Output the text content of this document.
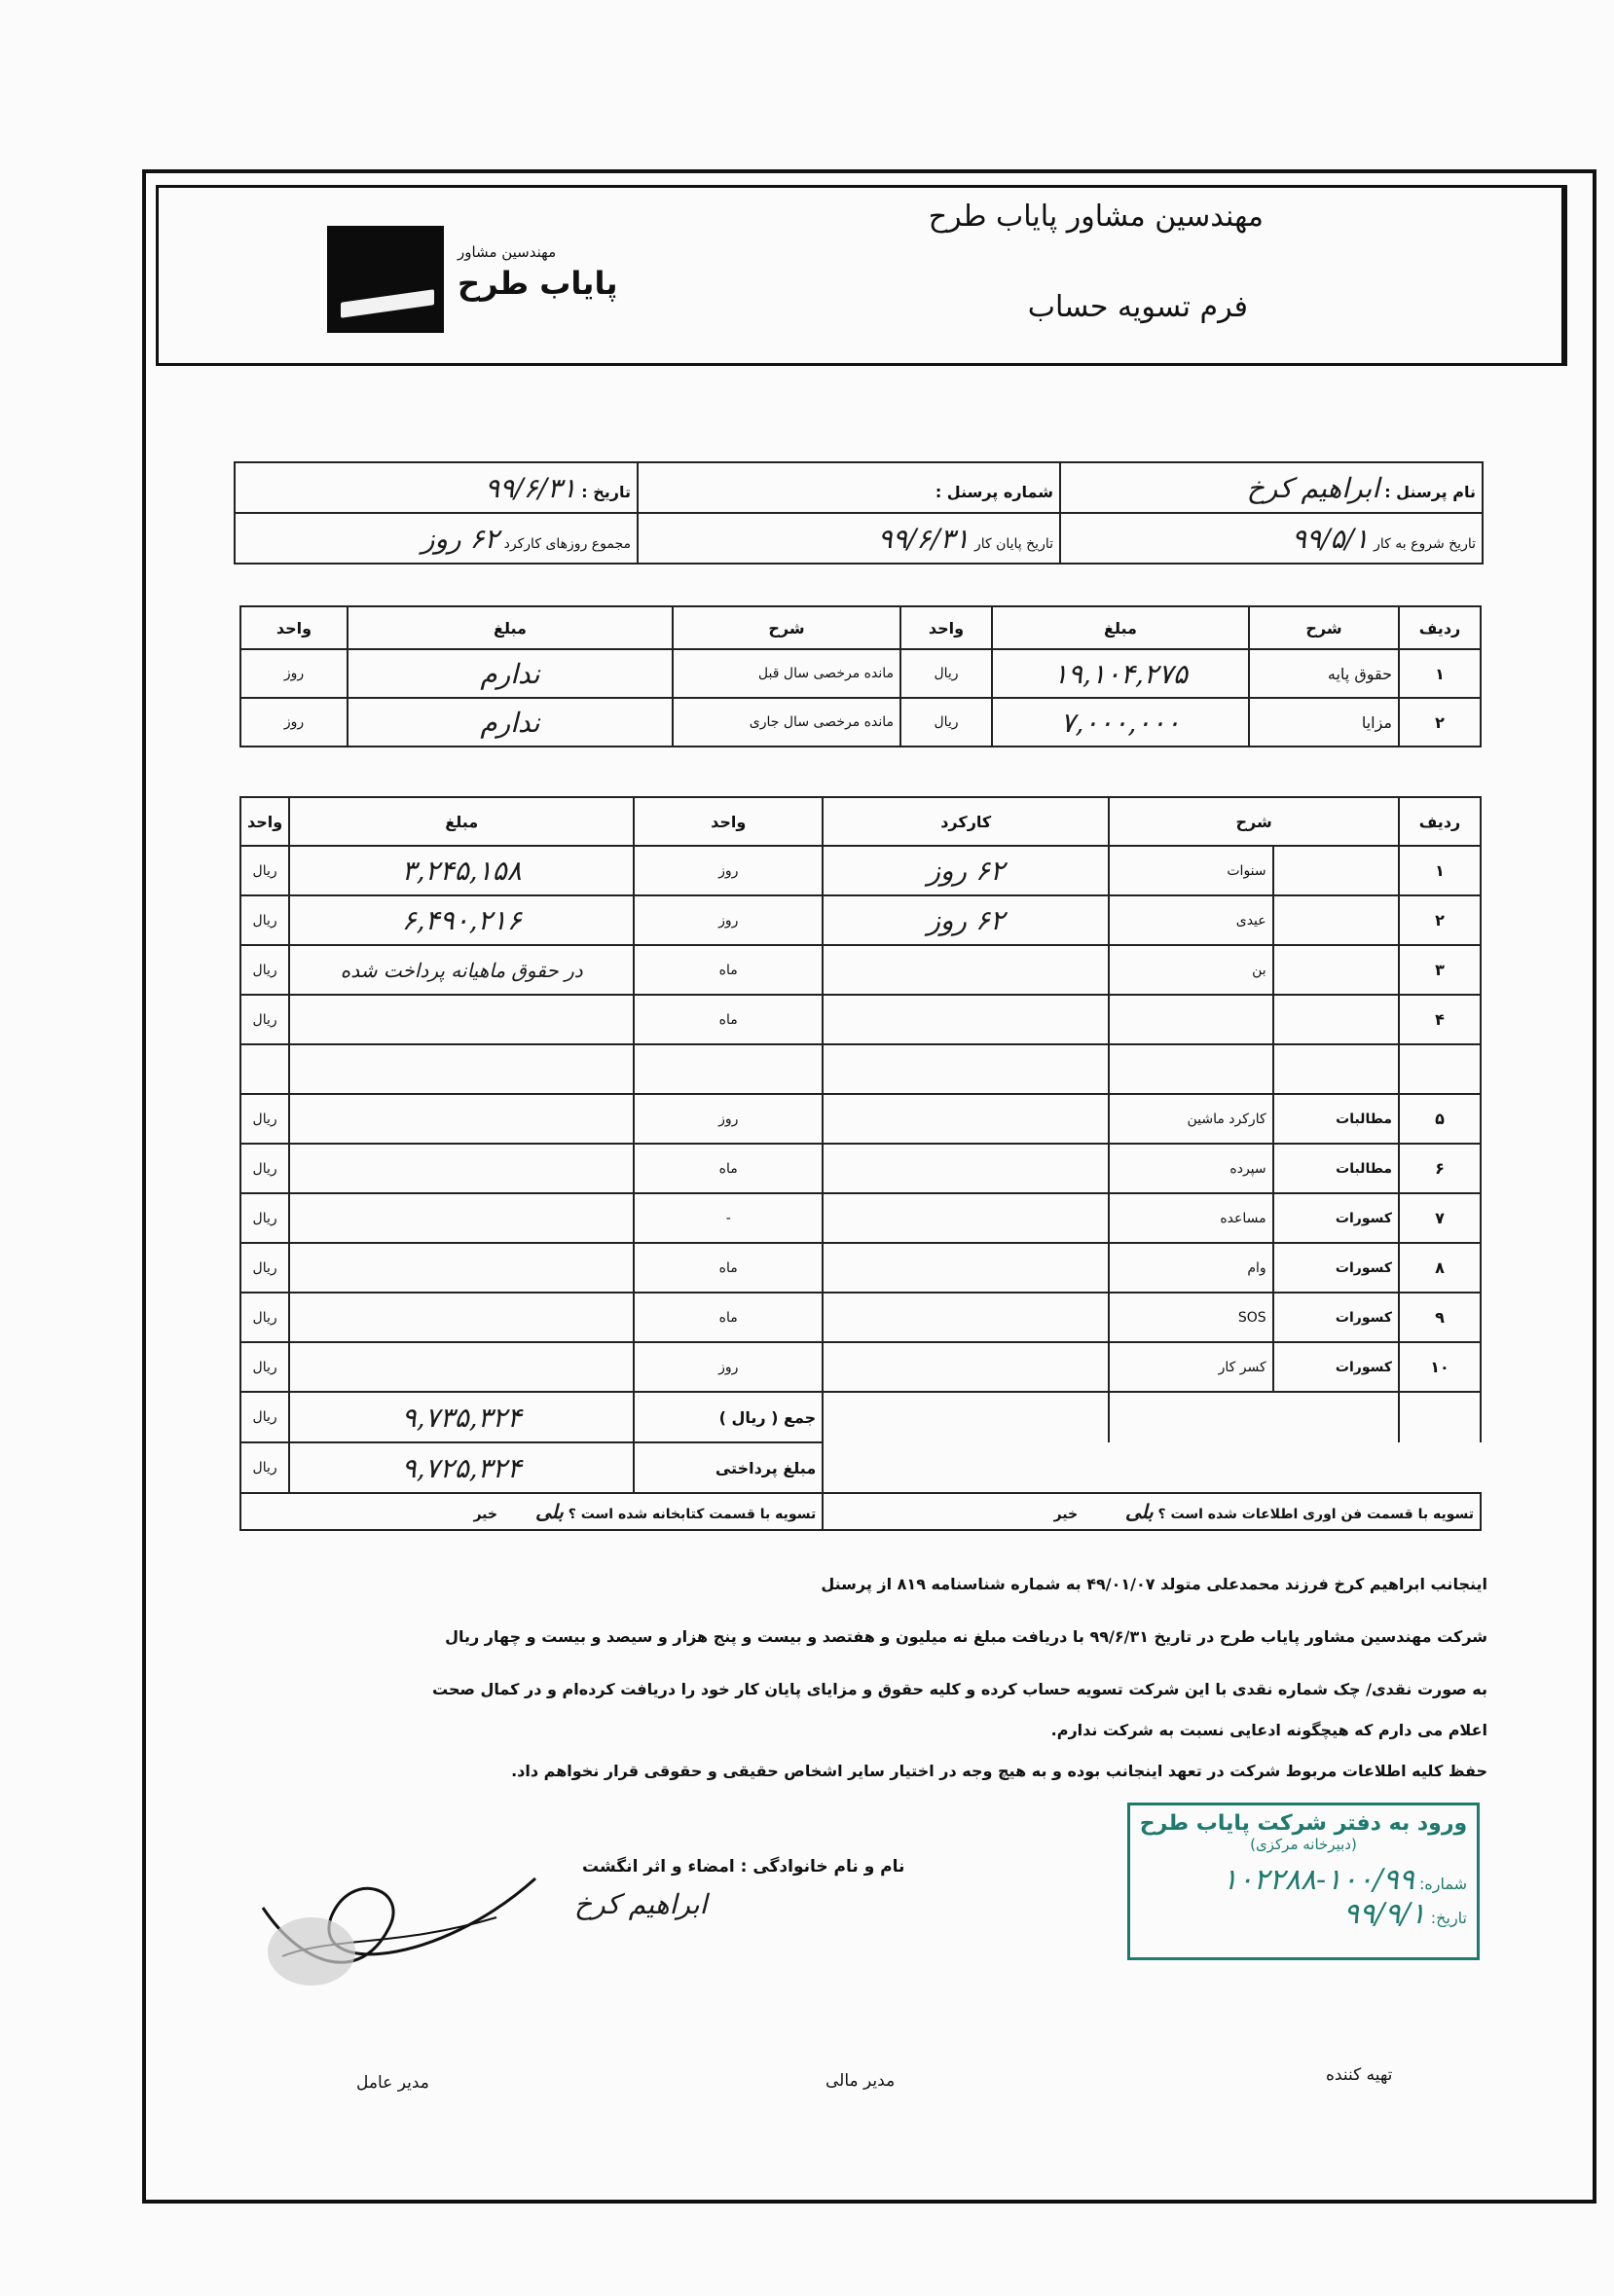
مهندسین مشاور پایاب طرح
فرم تسویه حساب
مهندسین مشاور
پایاب طرح
نام پرسنل : ابراهیم کرخ	شماره پرسنل :	تاریخ : ۹۹/۶/۳۱
تاریخ شروع به کار ۹۹/۵/۱	تاریخ پایان کار ۹۹/۶/۳۱	مجموع روزهای کارکرد ۶۲ روز
ردیف	شرح	مبلغ	واحد	شرح	مبلغ	واحد
۱	حقوق پایه	۱۹,۱۰۴,۲۷۵	ریال	مانده مرخصی سال قبل	ندارم	روز
۲	مزایا	۷,۰۰۰,۰۰۰	ریال	مانده مرخصی سال جاری	ندارم	روز
ردیف	شرح		کارکرد	واحد	مبلغ	واحد
۱		سنوات	۶۲ روز	روز	۳,۲۴۵,۱۵۸	ریال
۲		عیدی	۶۲ روز	روز	۶,۴۹۰,۲۱۶	ریال
۳		بن		ماه	در حقوق ماهیانه پرداخت شده	ریال
۴				ماه		ریال

۵	مطالبات	کارکرد ماشین		روز		ریال
۶	مطالبات	سپرده		ماه		ریال
۷	کسورات	مساعده		-		ریال
۸	کسورات	وام		ماه		ریال
۹	کسورات	SOS		ماه		ریال
۱۰	کسورات	کسر کار		روز		ریال
				جمع ( ریال )	۹,۷۳۵,۳۲۴	ریال
				مبلغ پرداختی	۹,۷۲۵,۳۲۴	ریال
تسویه با قسمت فن اوری اطلاعات شده است ؟ بلی          خیر				تسویه با قسمت کتابخانه شده است ؟ بلی        خیر		
اینجانب ابراهیم کرخ فرزند محمدعلی متولد ۴۹/۰۱/۰۷ به شماره شناسنامه ۸۱۹ از پرسنل
شرکت مهندسین مشاور پایاب طرح در تاریخ ۹۹/۶/۳۱ با دریافت مبلغ نه میلیون و هفتصد و بیست و پنج هزار و سیصد و بیست و چهار ریال
به صورت نقدی/ چک شماره نقدی با این شرکت تسویه حساب کرده و کلیه حقوق و مزایای پایان کار خود را دریافت کرده‌ام و در کمال صحت
اعلام می دارم که هیچگونه ادعایی نسبت به شرکت ندارم.
حفظ کلیه اطلاعات مربوط شرکت در تعهد اینجانب بوده و به هیچ وجه در اختیار سایر اشخاص حقیقی و حقوقی قرار نخواهم داد.
نام و نام خانوادگی : امضاء و اثر انگشت
ابراهیم کرخ
ورود به دفتر شرکت پایاب طرح
(دبیرخانه مرکزی)
شماره: ۱۰۰/۹۹-۱۰۲۲۸۸
تاریخ: ۹۹/۹/۱
تهیه کننده
مدیر مالی
مدیر عامل
